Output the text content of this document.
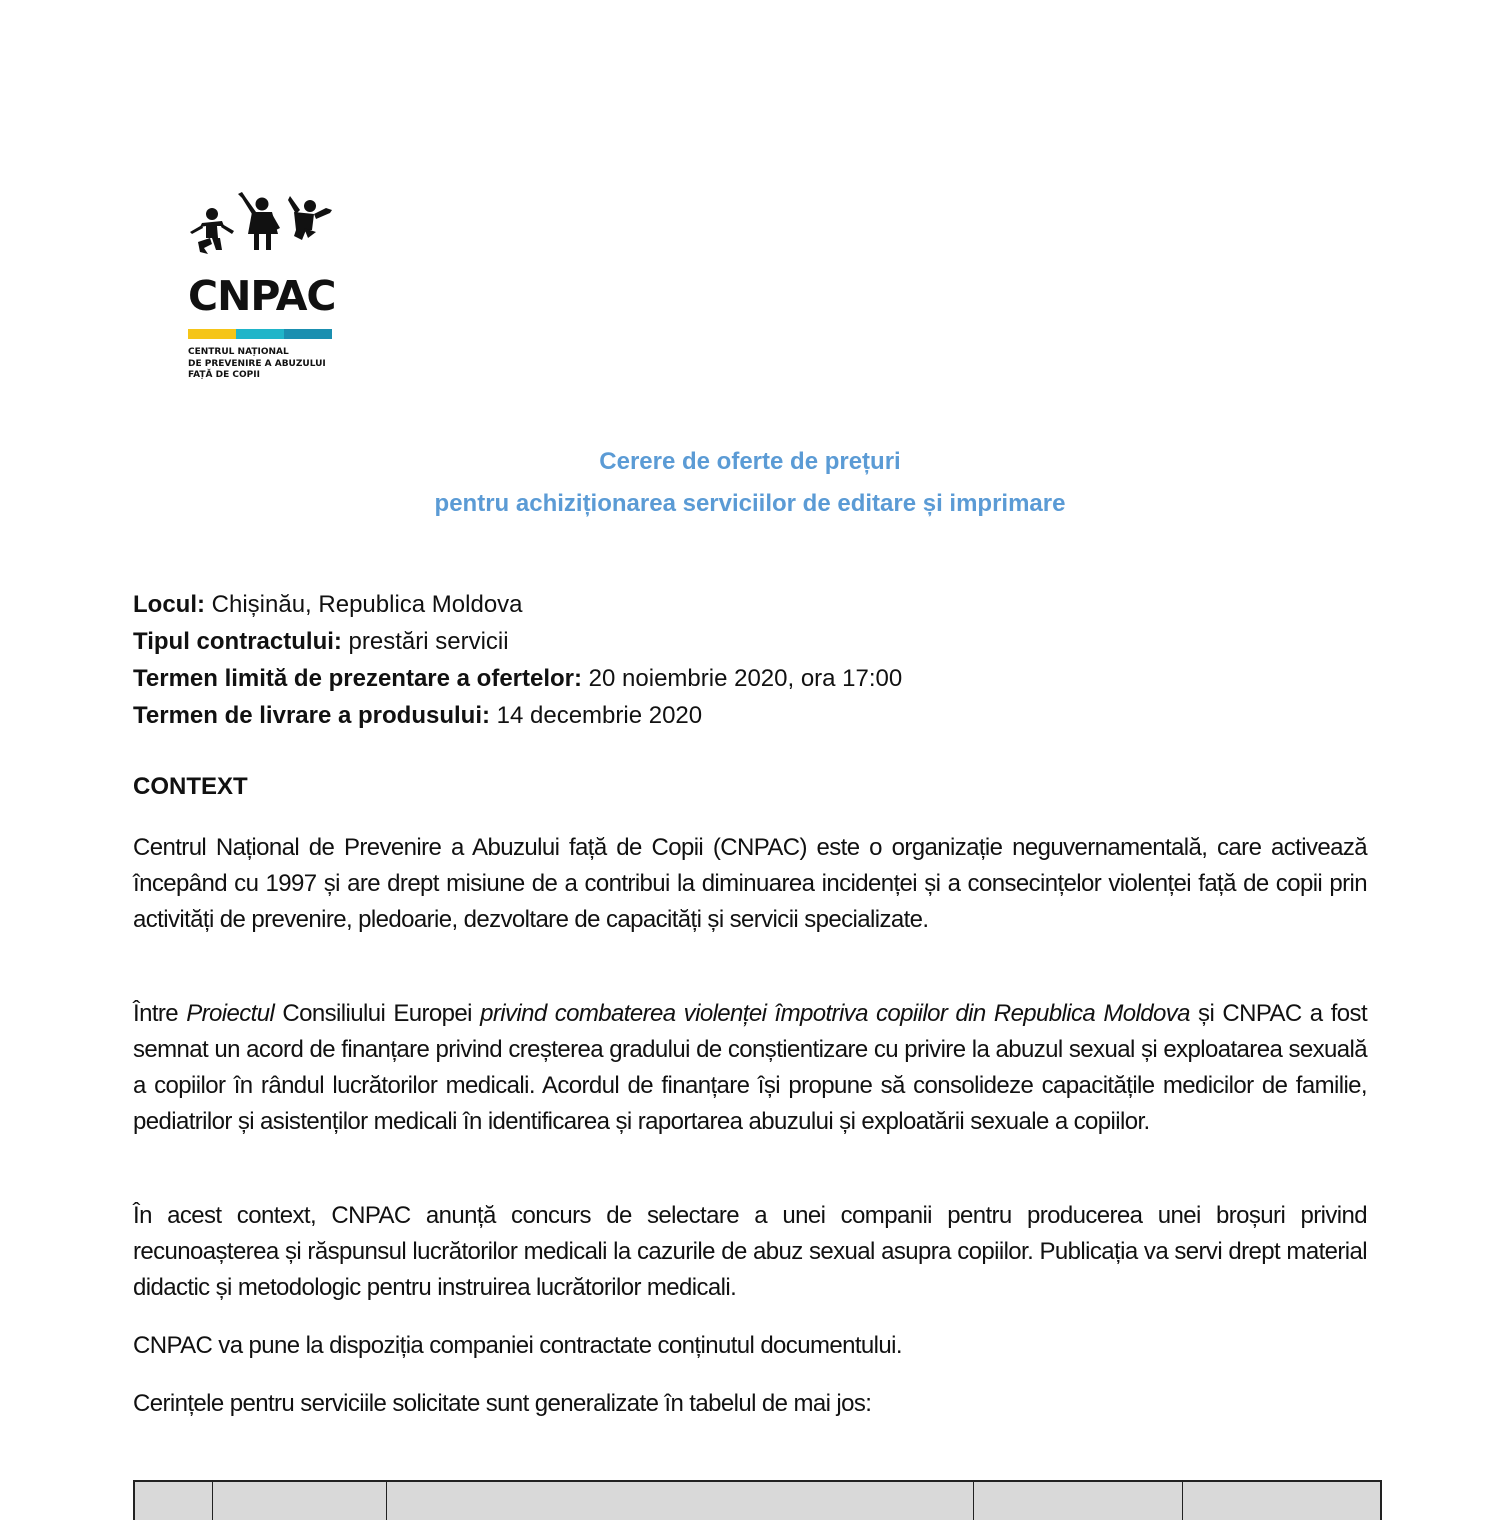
CNPAC
CENTRUL NAȚIONAL
DE PREVENIRE A ABUZULUI
FAȚĂ DE COPII
Cerere de oferte de prețuri
pentru achiziționarea serviciilor de editare și imprimare
Locul: Chișinău, Republica Moldova
Tipul contractului: prestări servicii
Termen limită de prezentare a ofertelor: 20 noiembrie 2020, ora 17:00
Termen de livrare a produsului: 14 decembrie 2020
CONTEXT
Centrul Național de Prevenire a Abuzului față de Copii (CNPAC) este o organizație neguvernamentală, care activează începând cu 1997 și are drept misiune de a contribui la diminuarea incidenței și a consecințelor violenței față de copii prin activități de prevenire, pledoarie, dezvoltare de capacități și servicii specializate.
Între Proiectul Consiliului Europei privind combaterea violenței împotriva copiilor din Republica Moldova și CNPAC a fost semnat un acord de finanțare privind creșterea gradului de conștientizare cu privire la abuzul sexual și exploatarea sexuală a copiilor în rândul lucrătorilor medicali. Acordul de finanțare își propune să consolideze capacitățile medicilor de familie, pediatrilor și asistenților medicali în identificarea și raportarea abuzului și exploatării sexuale a copiilor.
În acest context, CNPAC anunță concurs de selectare a unei companii pentru producerea unei broșuri privind recunoașterea și răspunsul lucrătorilor medicali la cazurile de abuz sexual asupra copiilor. Publicația va servi drept material didactic și metodologic pentru instruirea lucrătorilor medicali.
CNPAC va pune la dispoziția companiei contractate conținutul documentului.
Cerințele pentru serviciile solicitate sunt generalizate în tabelul de mai jos:
